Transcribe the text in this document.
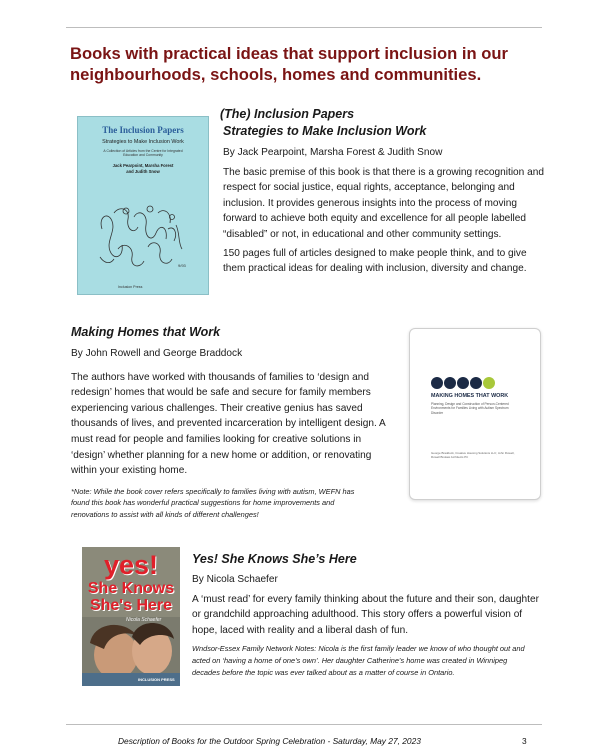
Books with practical ideas that support inclusion in our neighbourhoods, schools, homes and communities.
The Inclusion Papers
Strategies to Make Inclusion Work
A Collection of Articles from the Centre for Integrated Education and Community
Jack Pearpoint, Marsha Forest and Judith Snow
9/93
Inclusion Press
(The) Inclusion Papers
Strategies to Make Inclusion Work
By Jack Pearpoint, Marsha Forest & Judith Snow

The basic premise of this book is that there is a growing recognition and respect for social justice, equal rights, acceptance, belonging and inclusion. It provides generous insights into the process of moving forward to achieve both equity and excellence for all people labelled “disabled” or not, in educational and other community settings.

150 pages full of articles designed to make people think, and to give them practical ideas for dealing with inclusion, diversity and change.

Making Homes that Work
By John Rowell and George Braddock

The authors have worked with thousands of families to ‘design and redesign’ homes that would be safe and secure for family members experiencing various challenges. Their creative genius has saved thousands of lives, and prevented incarceration by intelligent design. A must read for people and families looking for creative solutions in ‘design’ whether planning for a new home or addition, or renovating within your existing home.

*Note: While the book cover refers specifically to families living with autism, WEFN has found this book has wonderful practical suggestions for home improvements and renovations to assist with all kinds of different challenges!
MAKING HOMES THAT WORK
Planning, Design and Construction of Person-Centered Environments for Families Living with Autism Spectrum Disorder
George Braddock, Creative Housing Solutions LLC; John Rowell, Rowell Brokaw Architects PC
yes!
She Knows
She's Here
Nicola Schaefer
INCLUSION PRESS
Yes! She Knows She’s Here
By Nicola Schaefer

A ‘must read’ for every family thinking about the future and their son, daughter or grandchild approaching adulthood. This story offers a powerful vision of hope, laced with reality and a liberal dash of fun.

Wndsor-Essex Family Network Notes: Nicola is the first family leader we know of who thought out and acted on ‘having a home of one’s own’. Her daughter Catherine’s home was created in Winnipeg decades before the topic was ever talked about as a matter of course in Ontario.
Description of Books for the Outdoor Spring Celebration - Saturday, May 27, 2023	3
